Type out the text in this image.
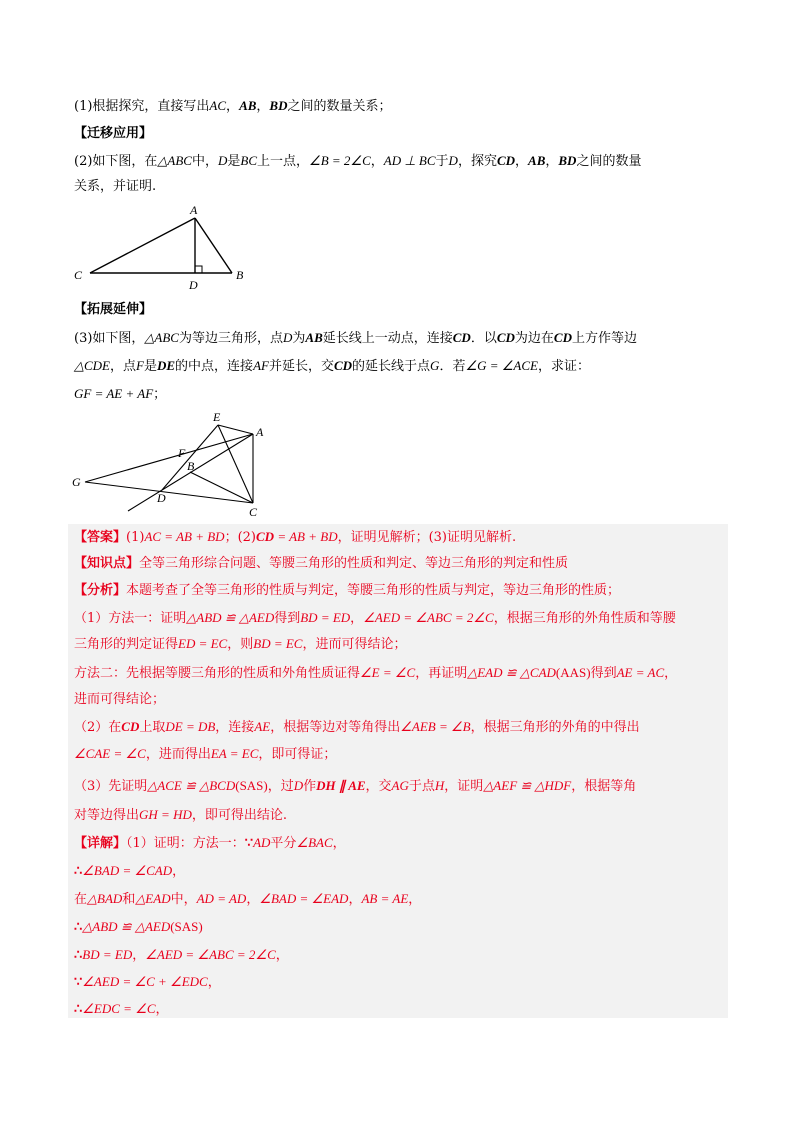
(1)根据探究，直接写出AC，AB，BD之间的数量关系；
【迁移应用】
(2)如下图，在△ABC中，D是BC上一点，∠B = 2∠C，AD ⊥ BC于D，探究CD，AB，BD之间的数量
关系，并证明.
A
B
C
D
【拓展延伸】
(3)如下图，△ABC为等边三角形，点D为AB延长线上一动点，连接CD．以CD为边在CD上方作等边
△CDE，点F是DE的中点，连接AF并延长，交CD的延长线于点G．若∠G = ∠ACE，求证：
GF = AE + AF；
E
A
F
B
G
D
C
【答案】(1)AC = AB + BD；(2)CD = AB + BD，证明见解析；(3)证明见解析.
【知识点】全等三角形综合问题、等腰三角形的性质和判定、等边三角形的判定和性质
【分析】本题考查了全等三角形的性质与判定，等腰三角形的性质与判定，等边三角形的性质；
（1）方法一：证明△ABD ≌ △AED得到BD = ED，∠AED = ∠ABC = 2∠C，根据三角形的外角性质和等腰
三角形的判定证得ED = EC，则BD = EC，进而可得结论；
方法二：先根据等腰三角形的性质和外角性质证得∠E = ∠C，再证明△EAD ≌ △CAD(AAS)得到AE = AC，
进而可得结论；
（2）在CD上取DE = DB，连接AE，根据等边对等角得出∠AEB = ∠B，根据三角形的外角的中得出
∠CAE = ∠C，进而得出EA = EC，即可得证；
（3）先证明△ACE ≌ △BCD(SAS)，过D作DH ∥ AE，交AG于点H，证明△AEF ≌ △HDF，根据等角
对等边得出GH = HD，即可得出结论.
【详解】（1）证明：方法一：∵AD平分∠BAC，
∴∠BAD = ∠CAD，
在△BAD和△EAD中，AD = AD，∠BAD = ∠EAD，AB = AE，
∴△ABD ≌ △AED(SAS)
∴BD = ED，∠AED = ∠ABC = 2∠C，
∵∠AED = ∠C + ∠EDC，
∴∠EDC = ∠C，
